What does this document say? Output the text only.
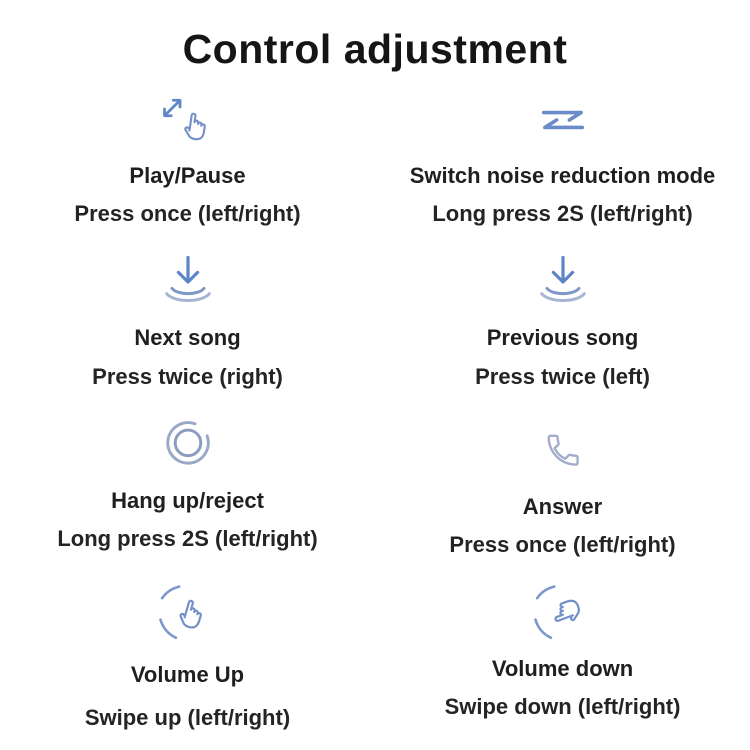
Control adjustment
Play/Pause
Press once (left/right)
Switch noise reduction mode
Long press 2S (left/right)
Next song
Press twice (right)
Previous song
Press twice (left)
Hang up/reject
Long press 2S (left/right)
Answer
Press once (left/right)
Volume Up
Swipe up (left/right)
Volume down
Swipe down (left/right)
